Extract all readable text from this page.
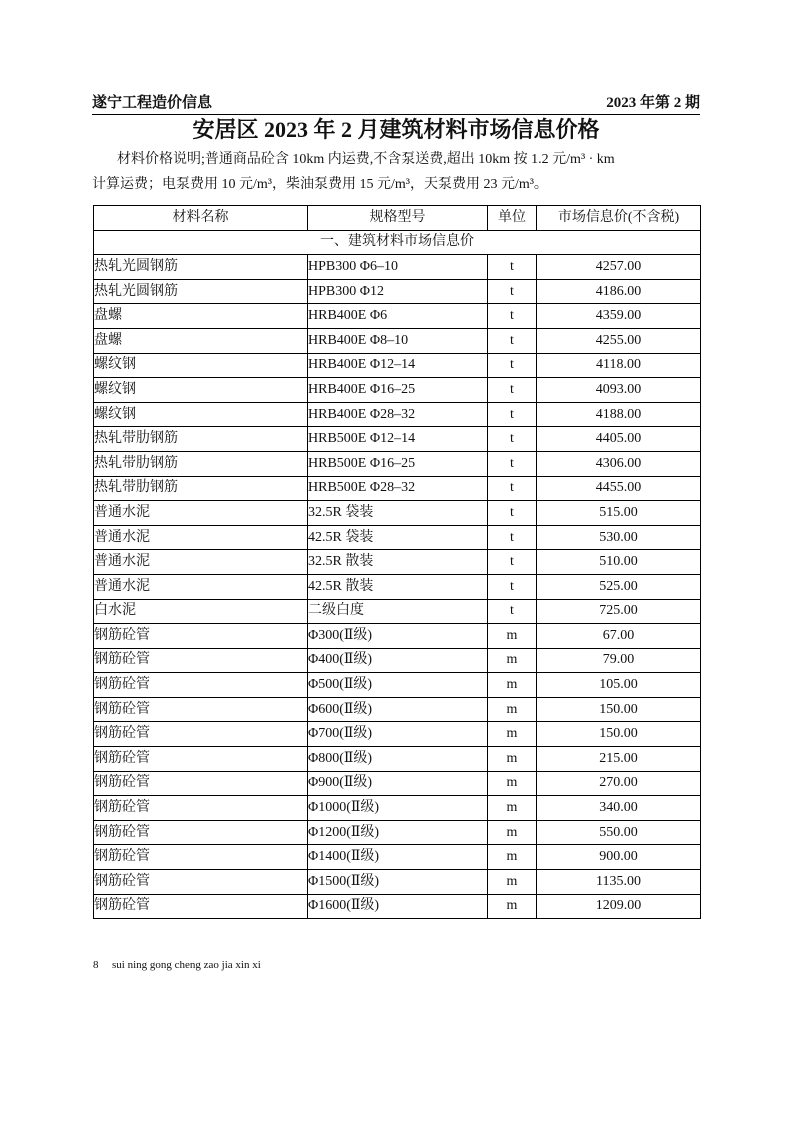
遂宁工程造价信息	2023 年第 2 期
安居区 2023 年 2 月建筑材料市场信息价格
材料价格说明;普通商品砼含 10km 内运费,不含泵送费,超出 10km 按 1.2 元/m³ · km
计算运费；电泵费用 10 元/m³，柴油泵费用 15 元/m³，天泵费用 23 元/m³。
材料名称	规格型号	单位	市场信息价(不含税)
一、建筑材料市场信息价			
热轧光圆钢筋	HPB300 Φ6–10	t	4257.00
热轧光圆钢筋	HPB300 Φ12	t	4186.00
盘螺	HRB400E Φ6	t	4359.00
盘螺	HRB400E Φ8–10	t	4255.00
螺纹钢	HRB400E Φ12–14	t	4118.00
螺纹钢	HRB400E Φ16–25	t	4093.00
螺纹钢	HRB400E Φ28–32	t	4188.00
热轧带肋钢筋	HRB500E Φ12–14	t	4405.00
热轧带肋钢筋	HRB500E Φ16–25	t	4306.00
热轧带肋钢筋	HRB500E Φ28–32	t	4455.00
普通水泥	32.5R 袋装	t	515.00
普通水泥	42.5R 袋装	t	530.00
普通水泥	32.5R 散装	t	510.00
普通水泥	42.5R 散装	t	525.00
白水泥	二级白度	t	725.00
钢筋砼管	Φ300(Ⅱ级)	m	67.00
钢筋砼管	Φ400(Ⅱ级)	m	79.00
钢筋砼管	Φ500(Ⅱ级)	m	105.00
钢筋砼管	Φ600(Ⅱ级)	m	150.00
钢筋砼管	Φ700(Ⅱ级)	m	150.00
钢筋砼管	Φ800(Ⅱ级)	m	215.00
钢筋砼管	Φ900(Ⅱ级)	m	270.00
钢筋砼管	Φ1000(Ⅱ级)	m	340.00
钢筋砼管	Φ1200(Ⅱ级)	m	550.00
钢筋砼管	Φ1400(Ⅱ级)	m	900.00
钢筋砼管	Φ1500(Ⅱ级)	m	1135.00
钢筋砼管	Φ1600(Ⅱ级)	m	1209.00
8 sui ning gong cheng zao jia xin xi
